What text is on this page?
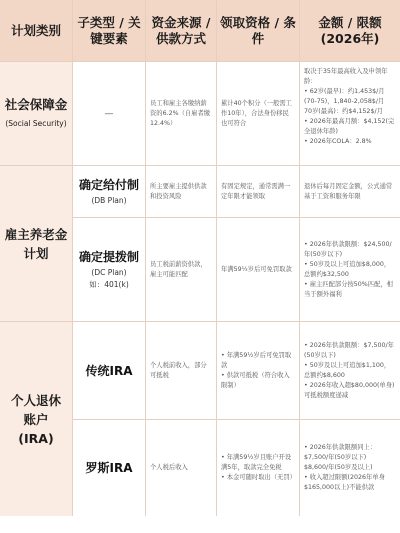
计划类别
子类型 / 关键要素
资金来源 / 供款方式
领取资格 / 条件
金额 / 限额 (2026年)
社会保障金
(Social Security)
—
员工和雇主各缴纳薪资的6.2%（自雇者缴12.4%）
累计40个积分（一般需工作10年），合法身份移民也可符合
取决于35年最高收入及申领年龄：
• 62岁(最早)：约1,453$/月(70-75)，1,840-2,058$/月
70岁(最高)：约$4,152$/月
• 2026年最高月额：$4,152(完全退休年龄)
• 2026年COLA：2.8%
雇主养老金计划
确定给付制
(DB Plan)
所主要雇主提供供款和投资风险
有固定规定，通常需满一定年限才能领取
退休后每月固定金额，公式通常基于工资和服务年限
确定提拨制
(DC Plan)
如：401(k)
员工税前薪资供款，雇主可能匹配
年满59½岁后可免罚取款
• 2026年供款限额：$24,500/年(50岁以下)
• 50岁及以上可追加$8,000，总额约$32,500
• 雇主匹配部分按50%匹配，相当于额外福利
个人退休
账户
(IRA)
传统IRA	个人税前收入，部分可抵税
• 年满59½岁后可免罚取款
• 供款可抵税（符合收入限制）
• 2026年供款限额：$7,500/年(50岁以下)
• 50岁及以上可追加$1,100，总额约$8,600
• 2026年收入超$80,000(单身)可抵税额度递减
罗斯IRA	个人税后收入
• 年满59½岁且账户开设满5年，取款完全免税
• 本金可随时取出（无罚）
• 2026年供款限额同上：$7,500/年(50岁以下)
$8,600/年(50岁及以上)
• 收入超过限额(2026年单身$165,000以上)不能供款
